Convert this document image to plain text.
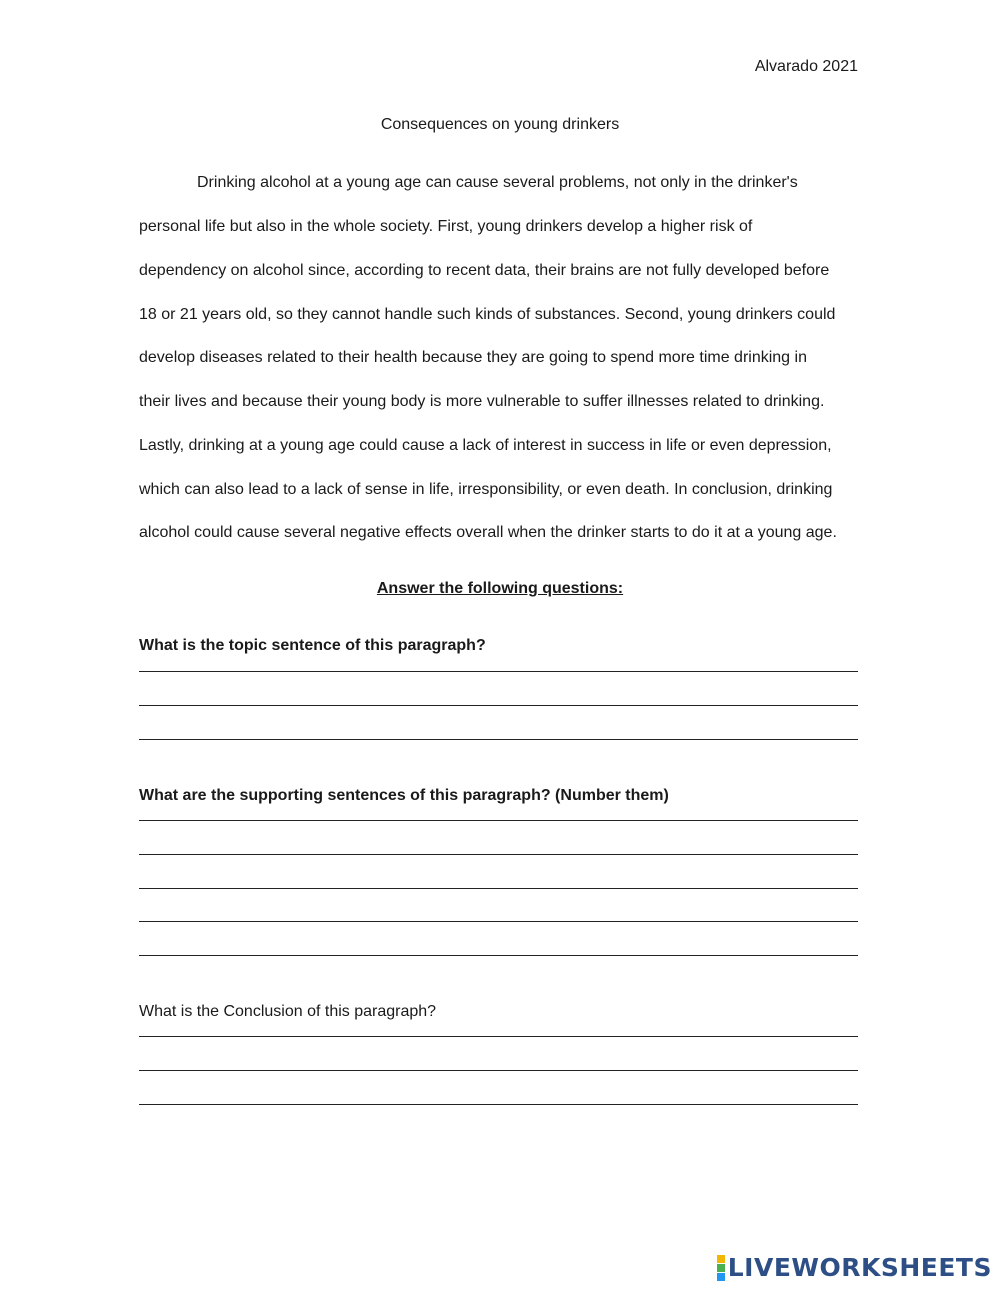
Alvarado 2021
Consequences on young drinkers
Drinking alcohol at a young age can cause several problems, not only in the drinker's
personal life but also in the whole society. First, young drinkers develop a higher risk of
dependency on alcohol since, according to recent data, their brains are not fully developed before
18 or 21 years old, so they cannot handle such kinds of substances. Second, young drinkers could
develop diseases related to their health because they are going to spend more time drinking in
their lives and because their young body is more vulnerable to suffer illnesses related to drinking.
Lastly, drinking at a young age could cause a lack of interest in success in life or even depression,
which can also lead to a lack of sense in life, irresponsibility, or even death. In conclusion, drinking
alcohol could cause several negative effects overall when the drinker starts to do it at a young age.
Answer the following questions:
What is the topic sentence of this paragraph?
What are the supporting sentences of this paragraph? (Number them)
What is the Conclusion of this paragraph?
LIVEWORKSHEETS
